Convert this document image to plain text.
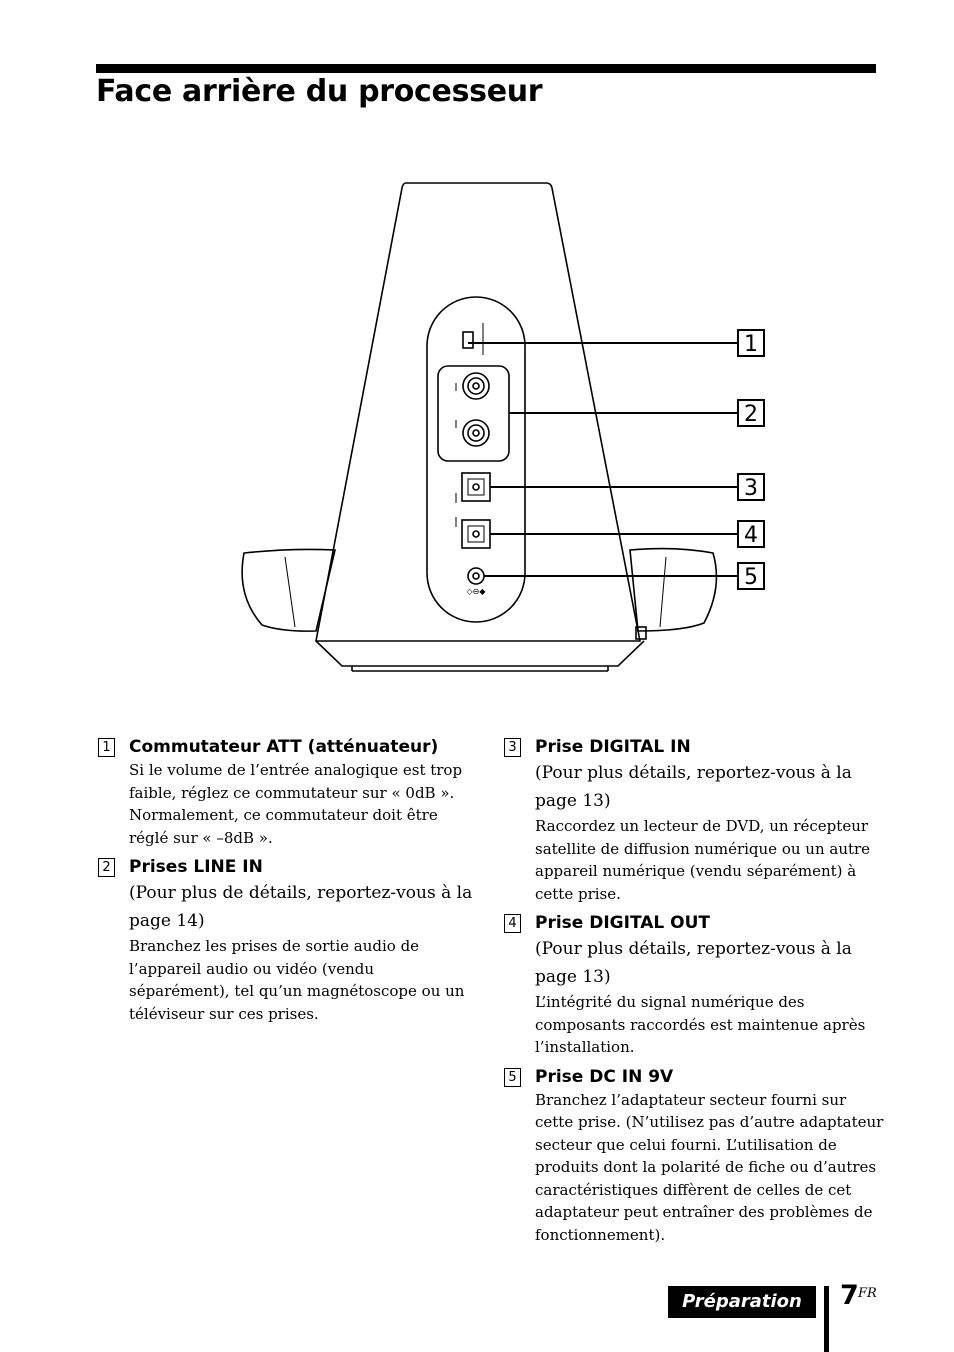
Face arrière du processeur
◇⊖◆
1
2
3
4
5
1 Commutateur ATT (atténuateur)

Si le volume de l’entrée analogique est trop faible, réglez ce commutateur sur « 0dB ». Normalement, ce commutateur doit être réglé sur « –8dB ».

2 Prises LINE IN

(Pour plus de détails, reportez-vous à la page 14)

Branchez les prises de sortie audio de l’appareil audio ou vidéo (vendu séparément), tel qu’un magnétoscope ou un téléviseur sur ces prises.

3 Prise DIGITAL IN

(Pour plus détails, reportez-vous à la page 13)

Raccordez un lecteur de DVD, un récepteur satellite de diffusion numérique ou un autre appareil numérique (vendu séparément) à cette prise.

4 Prise DIGITAL OUT

(Pour plus détails, reportez-vous à la page 13)

L’intégrité du signal numérique des composants raccordés est maintenue après l’installation.

5 Prise DC IN 9V

Branchez l’adaptateur secteur fourni sur cette prise. (N’utilisez pas d’autre adaptateur secteur que celui fourni. L’utilisation de produits dont la polarité de fiche ou d’autres caractéristiques diffèrent de celles de cet adaptateur peut entraîner des problèmes de fonctionnement).

Préparation	7 FR
